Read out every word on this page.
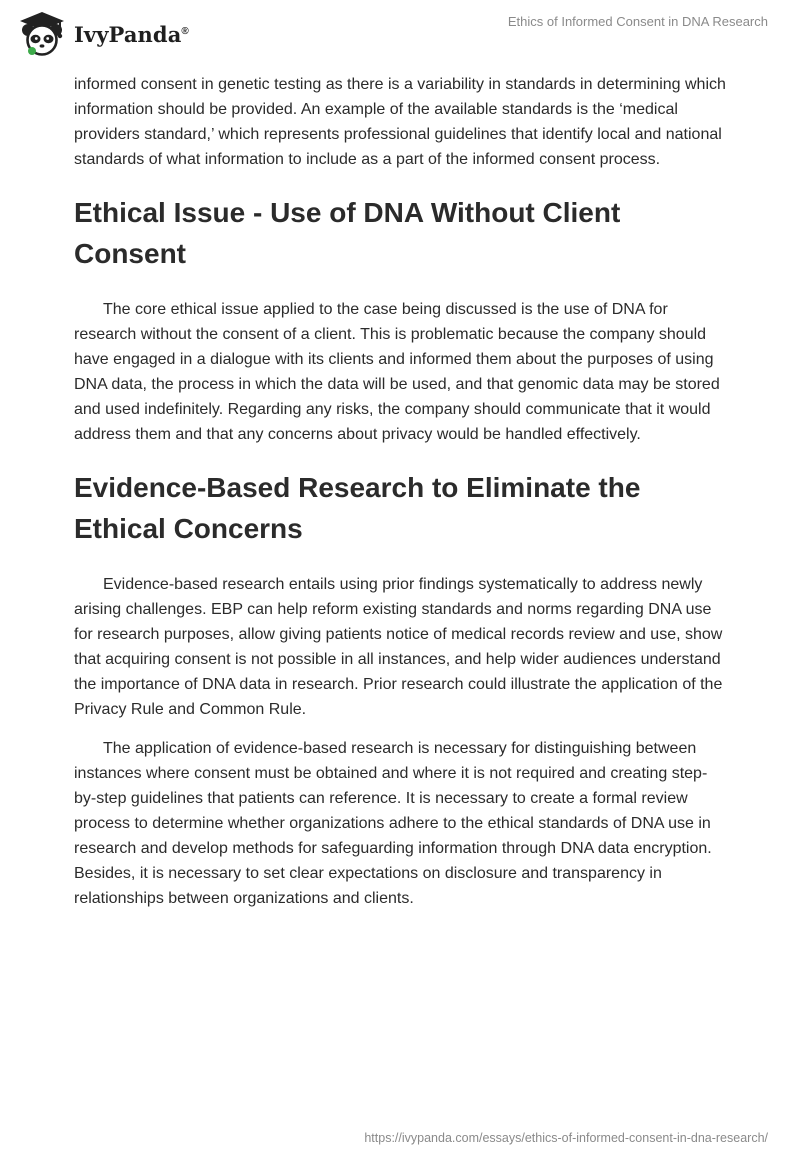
IvyPanda®
Ethics of Informed Consent in DNA Research

informed consent in genetic testing as there is a variability in standards in determining which information should be provided. An example of the available standards is the ‘medical providers standard,’ which represents professional guidelines that identify local and national standards of what information to include as a part of the informed consent process.

Ethical Issue - Use of DNA Without Client Consent

The core ethical issue applied to the case being discussed is the use of DNA for research without the consent of a client. This is problematic because the company should have engaged in a dialogue with its clients and informed them about the purposes of using DNA data, the process in which the data will be used, and that genomic data may be stored and used indefinitely. Regarding any risks, the company should communicate that it would address them and that any concerns about privacy would be handled effectively.

Evidence-Based Research to Eliminate the Ethical Concerns

Evidence-based research entails using prior findings systematically to address newly arising challenges. EBP can help reform existing standards and norms regarding DNA use for research purposes, allow giving patients notice of medical records review and use, show that acquiring consent is not possible in all instances, and help wider audiences understand the importance of DNA data in research. Prior research could illustrate the application of the Privacy Rule and Common Rule.

The application of evidence-based research is necessary for distinguishing between instances where consent must be obtained and where it is not required and creating step-by-step guidelines that patients can reference. It is necessary to create a formal review process to determine whether organizations adhere to the ethical standards of DNA use in research and develop methods for safeguarding information through DNA data encryption. Besides, it is necessary to set clear expectations on disclosure and transparency in relationships between organizations and clients.

https://ivypanda.com/essays/ethics-of-informed-consent-in-dna-research/
